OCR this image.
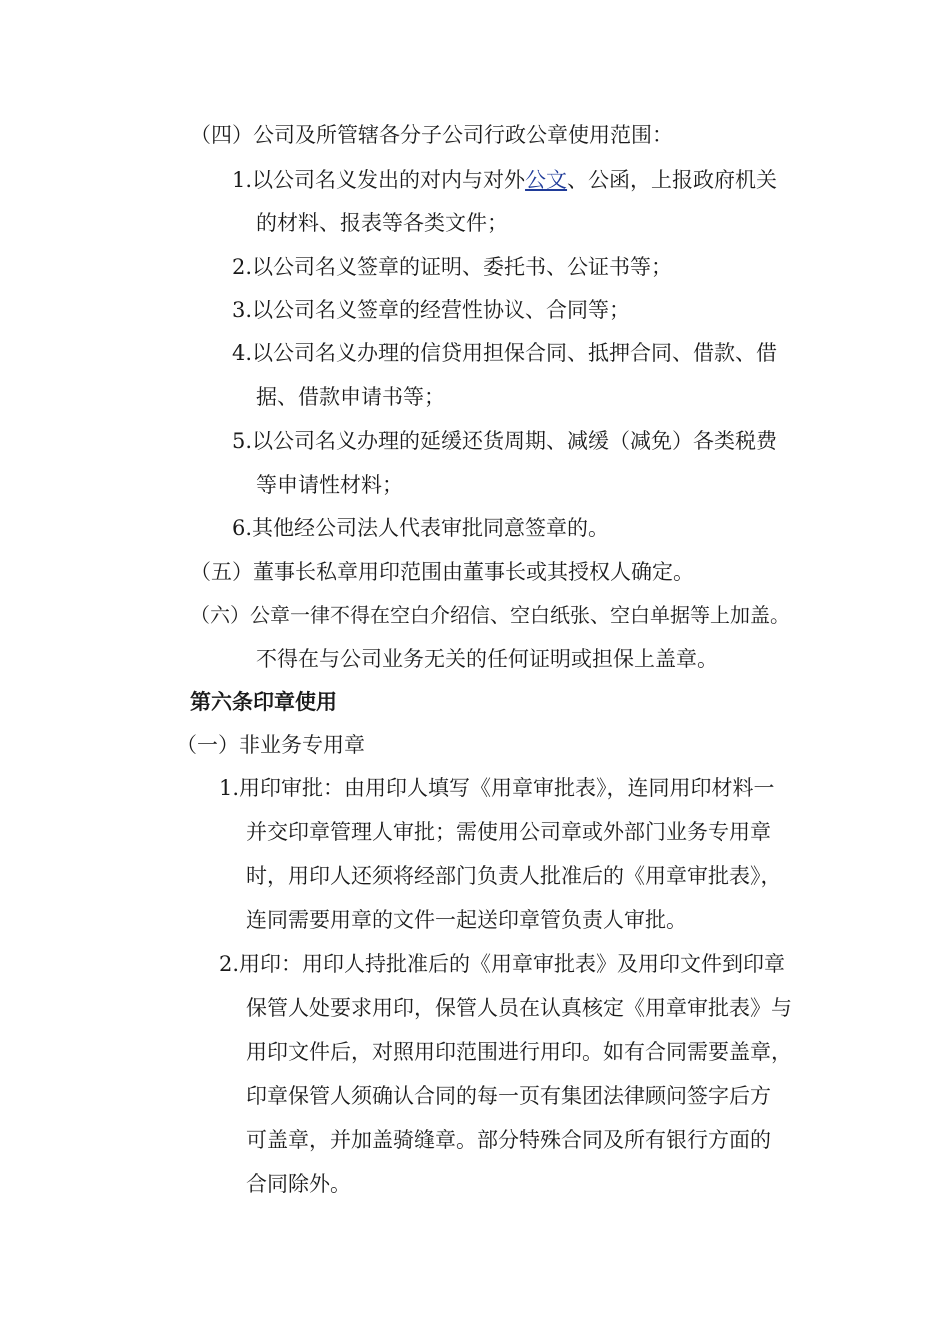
（四）公司及所管辖各分子公司行政公章使用范围：
1.以公司名义发出的对内与对外公文、公函，上报政府机关
的材料、报表等各类文件；
2.以公司名义签章的证明、委托书、公证书等；
3.以公司名义签章的经营性协议、合同等；
4.以公司名义办理的信贷用担保合同、抵押合同、借款、借
据、借款申请书等；
5.以公司名义办理的延缓还货周期、减缓（减免）各类税费
等申请性材料；
6.其他经公司法人代表审批同意签章的。
（五）董事长私章用印范围由董事长或其授权人确定。
（六）公章一律不得在空白介绍信、空白纸张、空白单据等上加盖。
不得在与公司业务无关的任何证明或担保上盖章。
第六条印章使用
（一）非业务专用章
1.用印审批：由用印人填写《用章审批表》，连同用印材料一
并交印章管理人审批；需使用公司章或外部门业务专用章
时，用印人还须将经部门负责人批准后的《用章审批表》，
连同需要用章的文件一起送印章管负责人审批。
2.用印：用印人持批准后的《用章审批表》及用印文件到印章
保管人处要求用印，保管人员在认真核定《用章审批表》与
用印文件后，对照用印范围进行用印。如有合同需要盖章，
印章保管人须确认合同的每一页有集团法律顾问签字后方
可盖章，并加盖骑缝章。部分特殊合同及所有银行方面的
合同除外。
